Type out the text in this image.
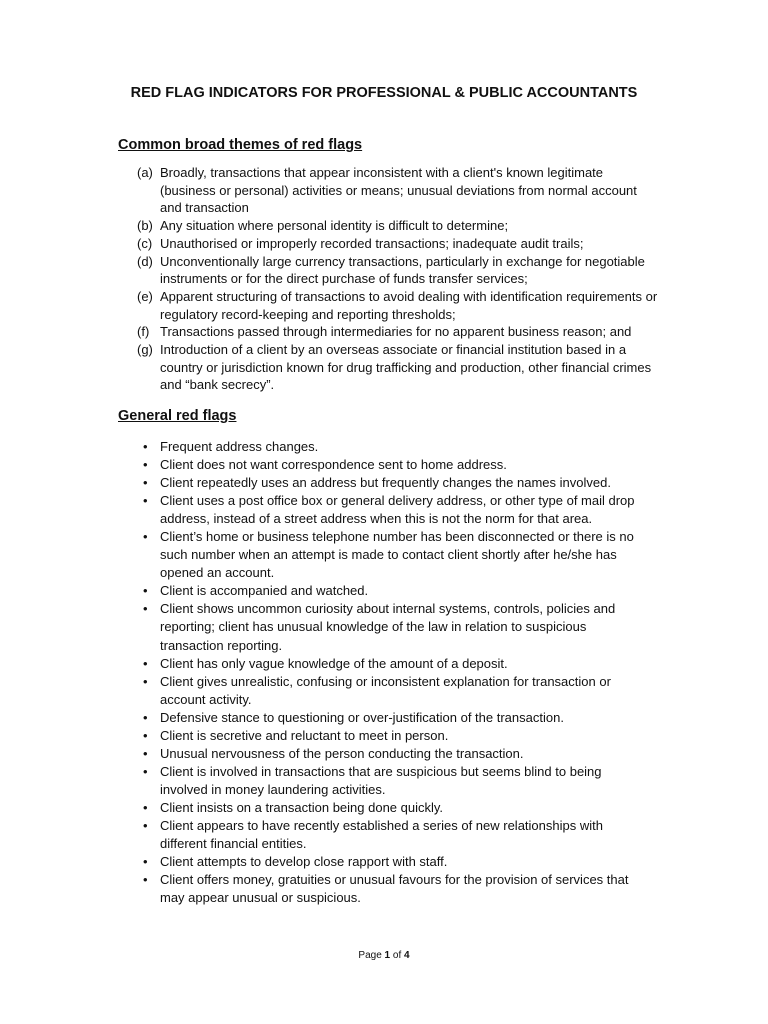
RED FLAG INDICATORS FOR PROFESSIONAL & PUBLIC ACCOUNTANTS
Common broad themes of red flags
(a) Broadly, transactions that appear inconsistent with a client's known legitimate (business or personal) activities or means; unusual deviations from normal account and transaction
(b) Any situation where personal identity is difficult to determine;
(c) Unauthorised or improperly recorded transactions; inadequate audit trails;
(d) Unconventionally large currency transactions, particularly in exchange for negotiable instruments or for the direct purchase of funds transfer services;
(e) Apparent structuring of transactions to avoid dealing with identification requirements or regulatory record-keeping and reporting thresholds;
(f) Transactions passed through intermediaries for no apparent business reason; and
(g) Introduction of a client by an overseas associate or financial institution based in a country or jurisdiction known for drug trafficking and production, other financial crimes and “bank secrecy”.
General red flags
• Frequent address changes.
• Client does not want correspondence sent to home address.
• Client repeatedly uses an address but frequently changes the names involved.
• Client uses a post office box or general delivery address, or other type of mail drop address, instead of a street address when this is not the norm for that area.
• Client’s home or business telephone number has been disconnected or there is no such number when an attempt is made to contact client shortly after he/she has opened an account.
• Client is accompanied and watched.
• Client shows uncommon curiosity about internal systems, controls, policies and reporting; client has unusual knowledge of the law in relation to suspicious transaction reporting.
• Client has only vague knowledge of the amount of a deposit.
• Client gives unrealistic, confusing or inconsistent explanation for transaction or account activity.
• Defensive stance to questioning or over-justification of the transaction.
• Client is secretive and reluctant to meet in person.
• Unusual nervousness of the person conducting the transaction.
• Client is involved in transactions that are suspicious but seems blind to being involved in money laundering activities.
• Client insists on a transaction being done quickly.
• Client appears to have recently established a series of new relationships with different financial entities.
• Client attempts to develop close rapport with staff.
• Client offers money, gratuities or unusual favours for the provision of services that may appear unusual or suspicious.
Page 1 of 4
